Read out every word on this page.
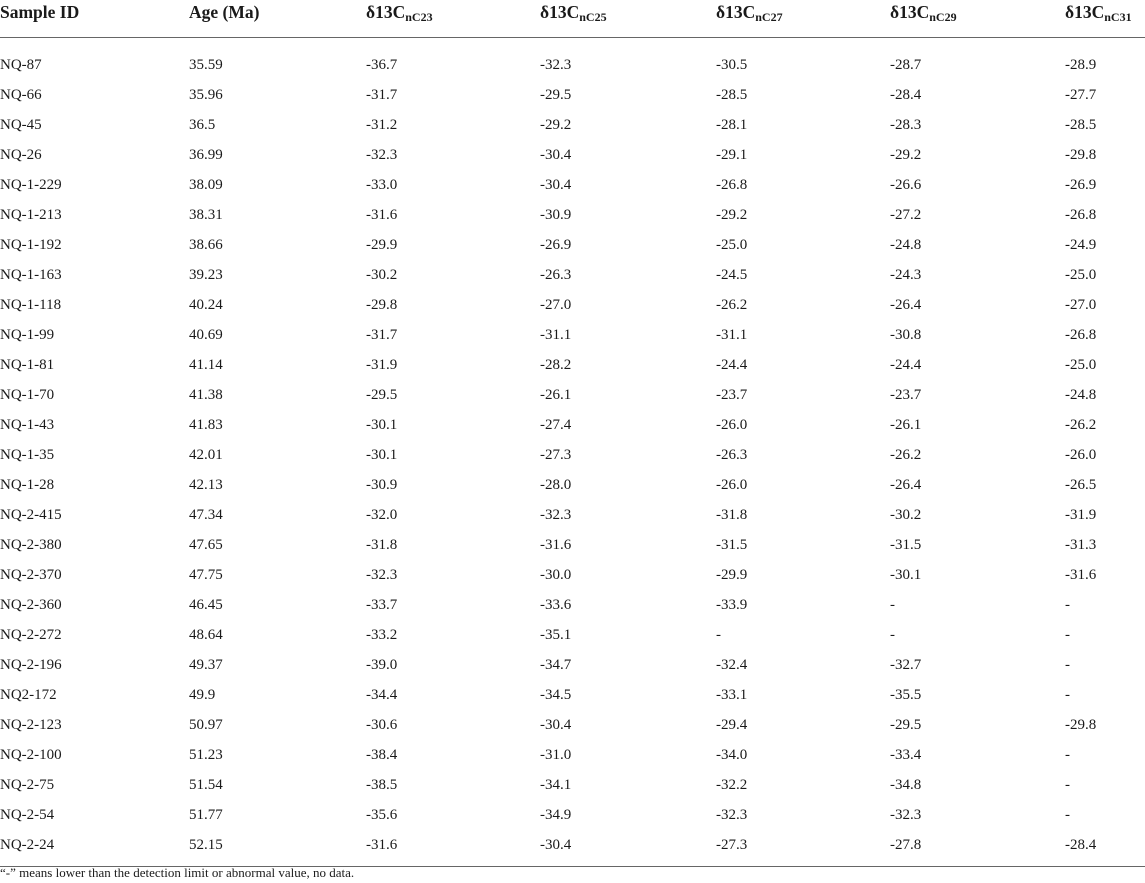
Sample ID	Age (Ma)	$\delta 13C_{nC23}$	$\delta 13C_{nC25}$	$\delta 13C_{nC27}$	$\delta 13C_{nC29}$	$\delta 13C_{nC31}$

NQ-87	35.59	-36.7	-32.3	-30.5	-28.7	-28.9
NQ-66	35.96	-31.7	-29.5	-28.5	-28.4	-27.7
NQ-45	36.5	-31.2	-29.2	-28.1	-28.3	-28.5
NQ-26	36.99	-32.3	-30.4	-29.1	-29.2	-29.8
NQ-1-229	38.09	-33.0	-30.4	-26.8	-26.6	-26.9
NQ-1-213	38.31	-31.6	-30.9	-29.2	-27.2	-26.8
NQ-1-192	38.66	-29.9	-26.9	-25.0	-24.8	-24.9
NQ-1-163	39.23	-30.2	-26.3	-24.5	-24.3	-25.0
NQ-1-118	40.24	-29.8	-27.0	-26.2	-26.4	-27.0
NQ-1-99	40.69	-31.7	-31.1	-31.1	-30.8	-26.8
NQ-1-81	41.14	-31.9	-28.2	-24.4	-24.4	-25.0
NQ-1-70	41.38	-29.5	-26.1	-23.7	-23.7	-24.8
NQ-1-43	41.83	-30.1	-27.4	-26.0	-26.1	-26.2
NQ-1-35	42.01	-30.1	-27.3	-26.3	-26.2	-26.0
NQ-1-28	42.13	-30.9	-28.0	-26.0	-26.4	-26.5
NQ-2-415	47.34	-32.0	-32.3	-31.8	-30.2	-31.9
NQ-2-380	47.65	-31.8	-31.6	-31.5	-31.5	-31.3
NQ-2-370	47.75	-32.3	-30.0	-29.9	-30.1	-31.6
NQ-2-360	46.45	-33.7	-33.6	-33.9	-	-
NQ-2-272	48.64	-33.2	-35.1	-	-	-
NQ-2-196	49.37	-39.0	-34.7	-32.4	-32.7	-
NQ2-172	49.9	-34.4	-34.5	-33.1	-35.5	-
NQ-2-123	50.97	-30.6	-30.4	-29.4	-29.5	-29.8
NQ-2-100	51.23	-38.4	-31.0	-34.0	-33.4	-
NQ-2-75	51.54	-38.5	-34.1	-32.2	-34.8	-
NQ-2-54	51.77	-35.6	-34.9	-32.3	-32.3	-
NQ-2-24	52.15	-31.6	-30.4	-27.3	-27.8	-28.4
“-” means lower than the detection limit or abnormal value, no data.
